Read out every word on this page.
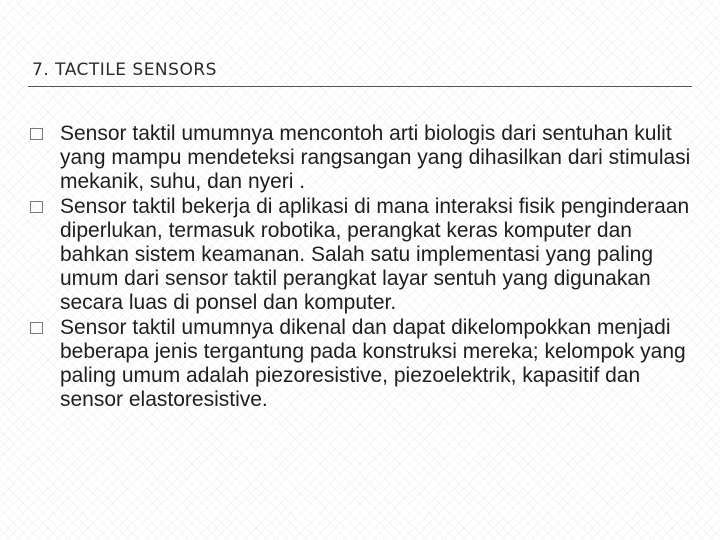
7. TACTILE SENSORS
Sensor taktil umumnya mencontoh arti biologis dari sentuhan kulit yang mampu mendeteksi rangsangan yang dihasilkan dari stimulasi mekanik, suhu, dan nyeri .
Sensor taktil bekerja di aplikasi di mana interaksi fisik penginderaan diperlukan, termasuk robotika, perangkat keras komputer dan bahkan sistem keamanan. Salah satu implementasi yang paling umum dari sensor taktil perangkat layar sentuh yang digunakan secara luas di ponsel dan komputer.
Sensor taktil umumnya dikenal dan dapat dikelompokkan menjadi beberapa jenis tergantung pada konstruksi mereka; kelompok yang paling umum adalah piezoresistive, piezoelektrik, kapasitif dan sensor elastoresistive.
